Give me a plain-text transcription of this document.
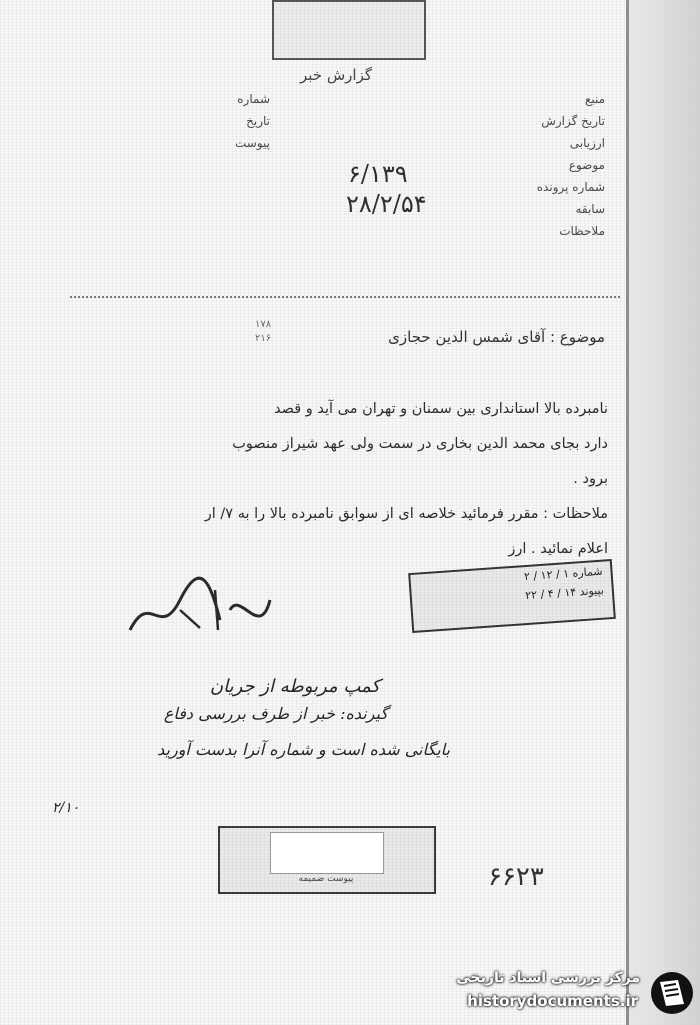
گزارش خبر
منبع
تاریخ گزارش
ارزیابی
موضوع
شماره پرونده
سابقه
ملاحظات
شماره
تاریخ
پیوست
۶/۱۳۹
۲۸/۲/۵۴
۱۷۸
۲۱۶	موضوع : آقای شمس الدین حجازی

نامبرده بالا استانداری بین سمنان و تهران می آید و قصد

دارد بجای محمد الدین بخاری در سمت ولی عهد شیراز منصوب

برود .

ملاحظات : مقرر فرمائید خلاصه ای از سوابق نامبرده بالا را به ۷/ ار

اعلام نمائید . ارز

شماره ۱ / ۱۲ / ۲
بپیوند ۱۴ / ۴ / ۲۲
کمپ مربوطه از جریان
گیرنده: خبر از طرف بررسی دفاع
بایگانی شده است و شماره آنرا بدست آورید
۲/۱۰
پیوست ضمیمه	۶۶۲۳
مرکز بررسی اسناد تاریخی
historydocuments.ir
